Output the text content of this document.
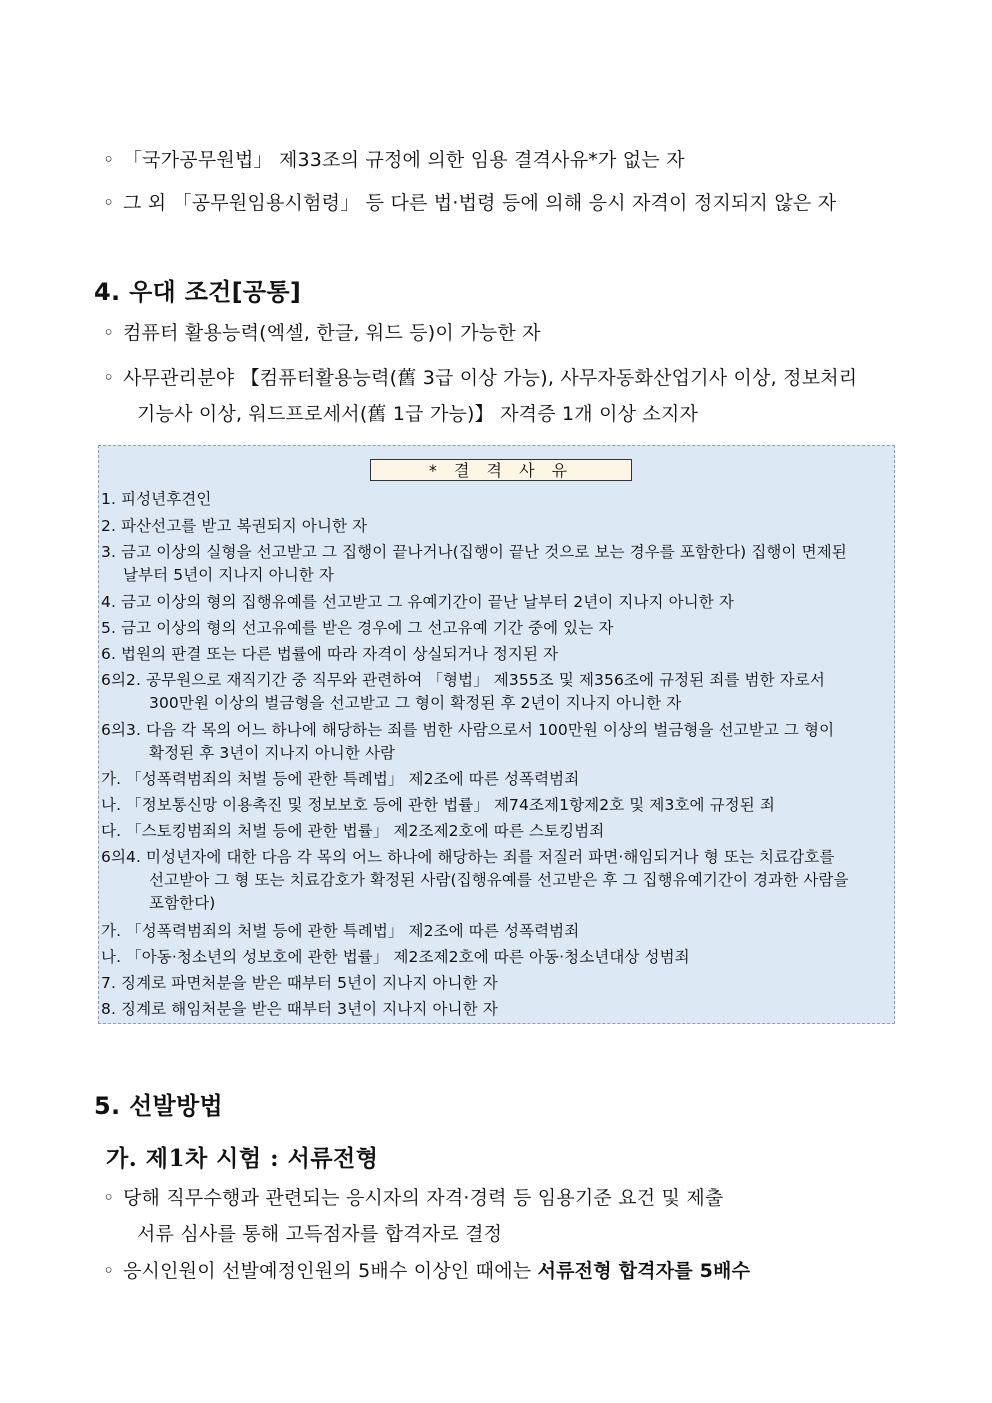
◦ 「국가공무원법」 제33조의 규정에 의한 임용 결격사유*가 없는 자
◦ 그 외 「공무원임용시험령」 등 다른 법·법령 등에 의해 응시 자격이 정지되지 않은 자
4. 우대 조건[공통]
◦ 컴퓨터 활용능력(엑셀, 한글, 워드 등)이 가능한 자
◦ 사무관리분야 【컴퓨터활용능력(舊 3급 이상 가능), 사무자동화산업기사 이상, 정보처리
기능사 이상, 워드프로세서(舊 1급 가능)】 자격증 1개 이상 소지자
* 결 격 사 유
1. 피성년후견인
2. 파산선고를 받고 복권되지 아니한 자
3. 금고 이상의 실형을 선고받고 그 집행이 끝나거나(집행이 끝난 것으로 보는 경우를 포함한다) 집행이 면제된
날부터 5년이 지나지 아니한 자
4. 금고 이상의 형의 집행유예를 선고받고 그 유예기간이 끝난 날부터 2년이 지나지 아니한 자
5. 금고 이상의 형의 선고유예를 받은 경우에 그 선고유예 기간 중에 있는 자
6. 법원의 판결 또는 다른 법률에 따라 자격이 상실되거나 정지된 자
6의2. 공무원으로 재직기간 중 직무와 관련하여 「형법」 제355조 및 제356조에 규정된 죄를 범한 자로서
300만원 이상의 벌금형을 선고받고 그 형이 확정된 후 2년이 지나지 아니한 자
6의3. 다음 각 목의 어느 하나에 해당하는 죄를 범한 사람으로서 100만원 이상의 벌금형을 선고받고 그 형이
확정된 후 3년이 지나지 아니한 사람
가. 「성폭력범죄의 처벌 등에 관한 특례법」 제2조에 따른 성폭력범죄
나. 「정보통신망 이용촉진 및 정보보호 등에 관한 법률」 제74조제1항제2호 및 제3호에 규정된 죄
다. 「스토킹범죄의 처벌 등에 관한 법률」 제2조제2호에 따른 스토킹범죄
6의4. 미성년자에 대한 다음 각 목의 어느 하나에 해당하는 죄를 저질러 파면·해임되거나 형 또는 치료감호를
선고받아 그 형 또는 치료감호가 확정된 사람(집행유예를 선고받은 후 그 집행유예기간이 경과한 사람을
포함한다)
가. 「성폭력범죄의 처벌 등에 관한 특례법」 제2조에 따른 성폭력범죄
나. 「아동·청소년의 성보호에 관한 법률」 제2조제2호에 따른 아동·청소년대상 성범죄
7. 징계로 파면처분을 받은 때부터 5년이 지나지 아니한 자
8. 징계로 해임처분을 받은 때부터 3년이 지나지 아니한 자
5. 선발방법
가. 제1차 시험 : 서류전형
◦ 당해 직무수행과 관련되는 응시자의 자격·경력 등 임용기준 요건 및 제출
서류 심사를 통해 고득점자를 합격자로 결정
◦ 응시인원이 선발예정인원의 5배수 이상인 때에는 서류전형 합격자를 5배수
